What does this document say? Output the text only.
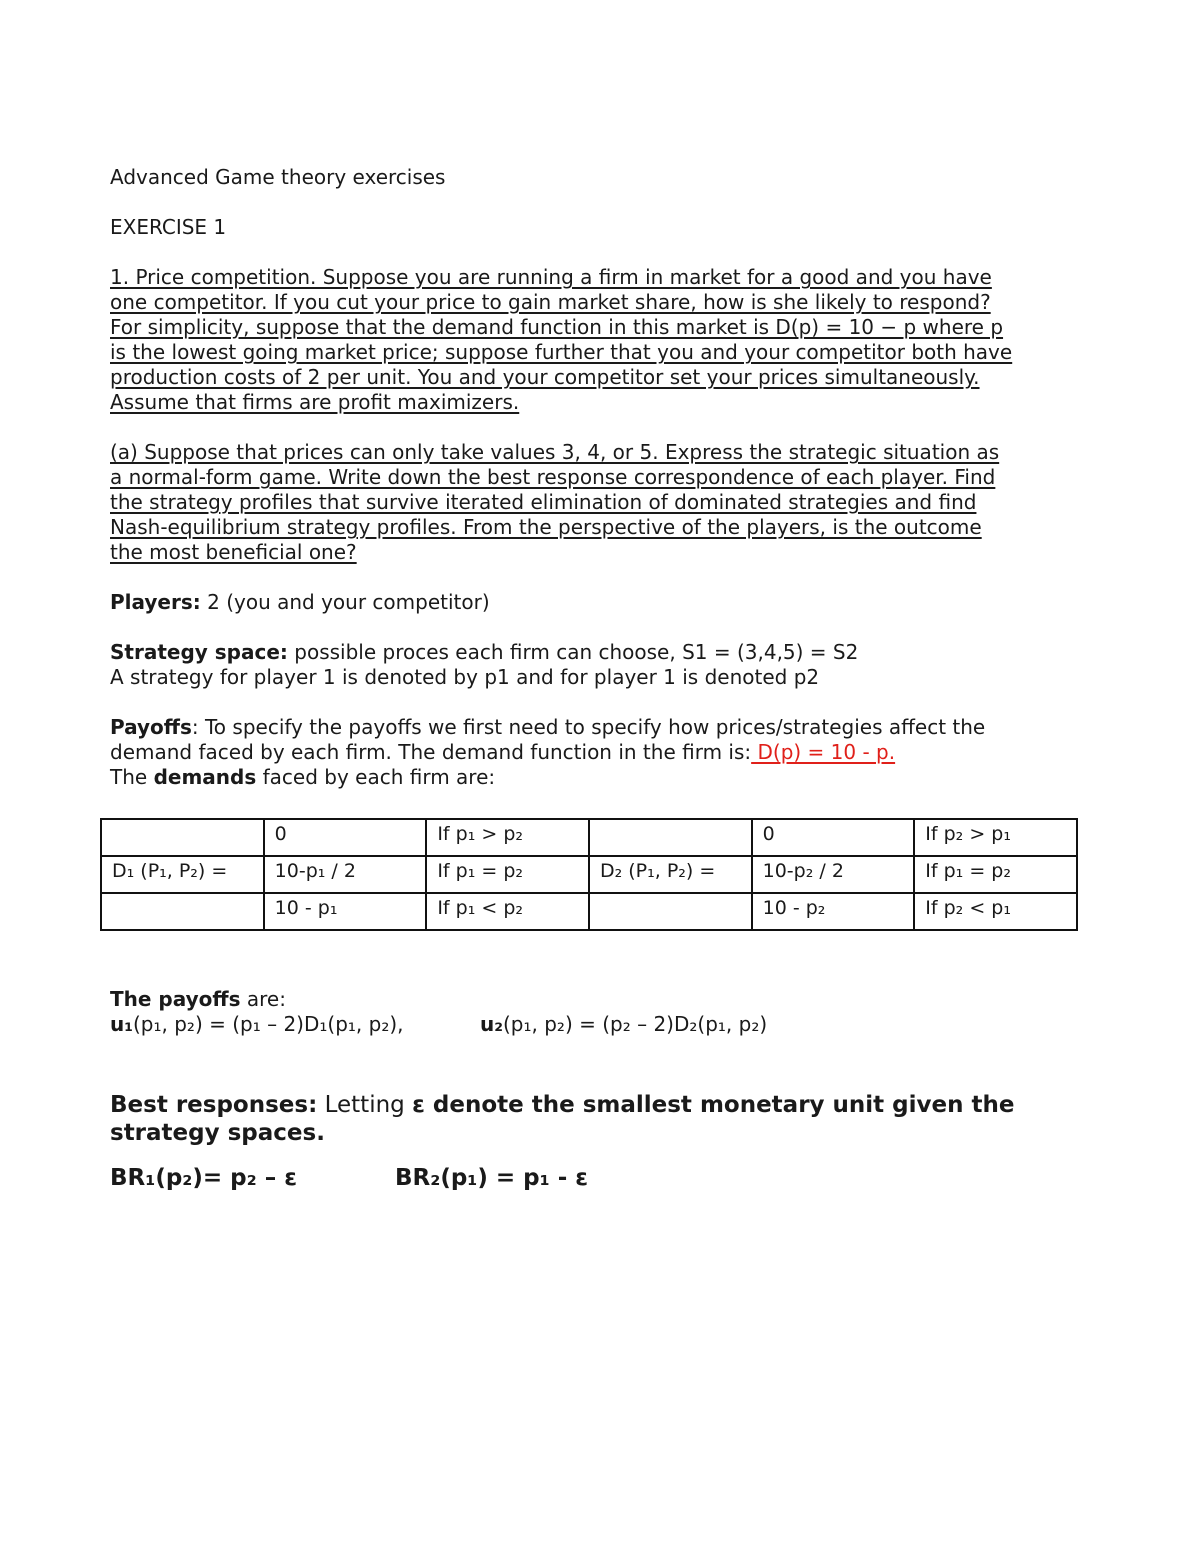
Advanced Game theory exercises

EXERCISE 1

1. Price competition. Suppose you are running a firm in market for a good and you have

one competitor. If you cut your price to gain market share, how is she likely to respond?

For simplicity, suppose that the demand function in this market is D(p) = 10 − p where p

is the lowest going market price; suppose further that you and your competitor both have

production costs of 2 per unit. You and your competitor set your prices simultaneously.

Assume that firms are profit maximizers.

(a) Suppose that prices can only take values 3, 4, or 5. Express the strategic situation as

a normal-form game. Write down the best response correspondence of each player. Find

the strategy profiles that survive iterated elimination of dominated strategies and find

Nash-equilibrium strategy profiles. From the perspective of the players, is the outcome

the most beneficial one?

Players: 2 (you and your competitor)

Strategy space: possible proces each firm can choose, S1 = (3,4,5) = S2

A strategy for player 1 is denoted by p1 and for player 1 is denoted p2

Payoffs: To specify the payoffs we first need to specify how prices/strategies affect the

demand faced by each firm. The demand function in the firm is: D(p) = 10 - p.

The demands faced by each firm are:

	0	If p₁ > p₂		0	If p₂ > p₁
D₁ (P₁, P₂) =	10-p₁ / 2	If p₁ = p₂	D₂ (P₁, P₂) =	10-p₂ / 2	If p₁ = p₂
	10 - p₁	If p₁ < p₂		10 - p₂	If p₂ < p₁

The payoffs are:

u₁(p₁, p₂) = (p₁ – 2)D₁(p₁, p₂),	u₂(p₁, p₂) = (p₂ – 2)D₂(p₁, p₂)

Best responses: Letting ε denote the smallest monetary unit given the strategy spaces.

BR₁(p₂)= p₂ – ε	BR₂(p₁) = p₁ - ε
